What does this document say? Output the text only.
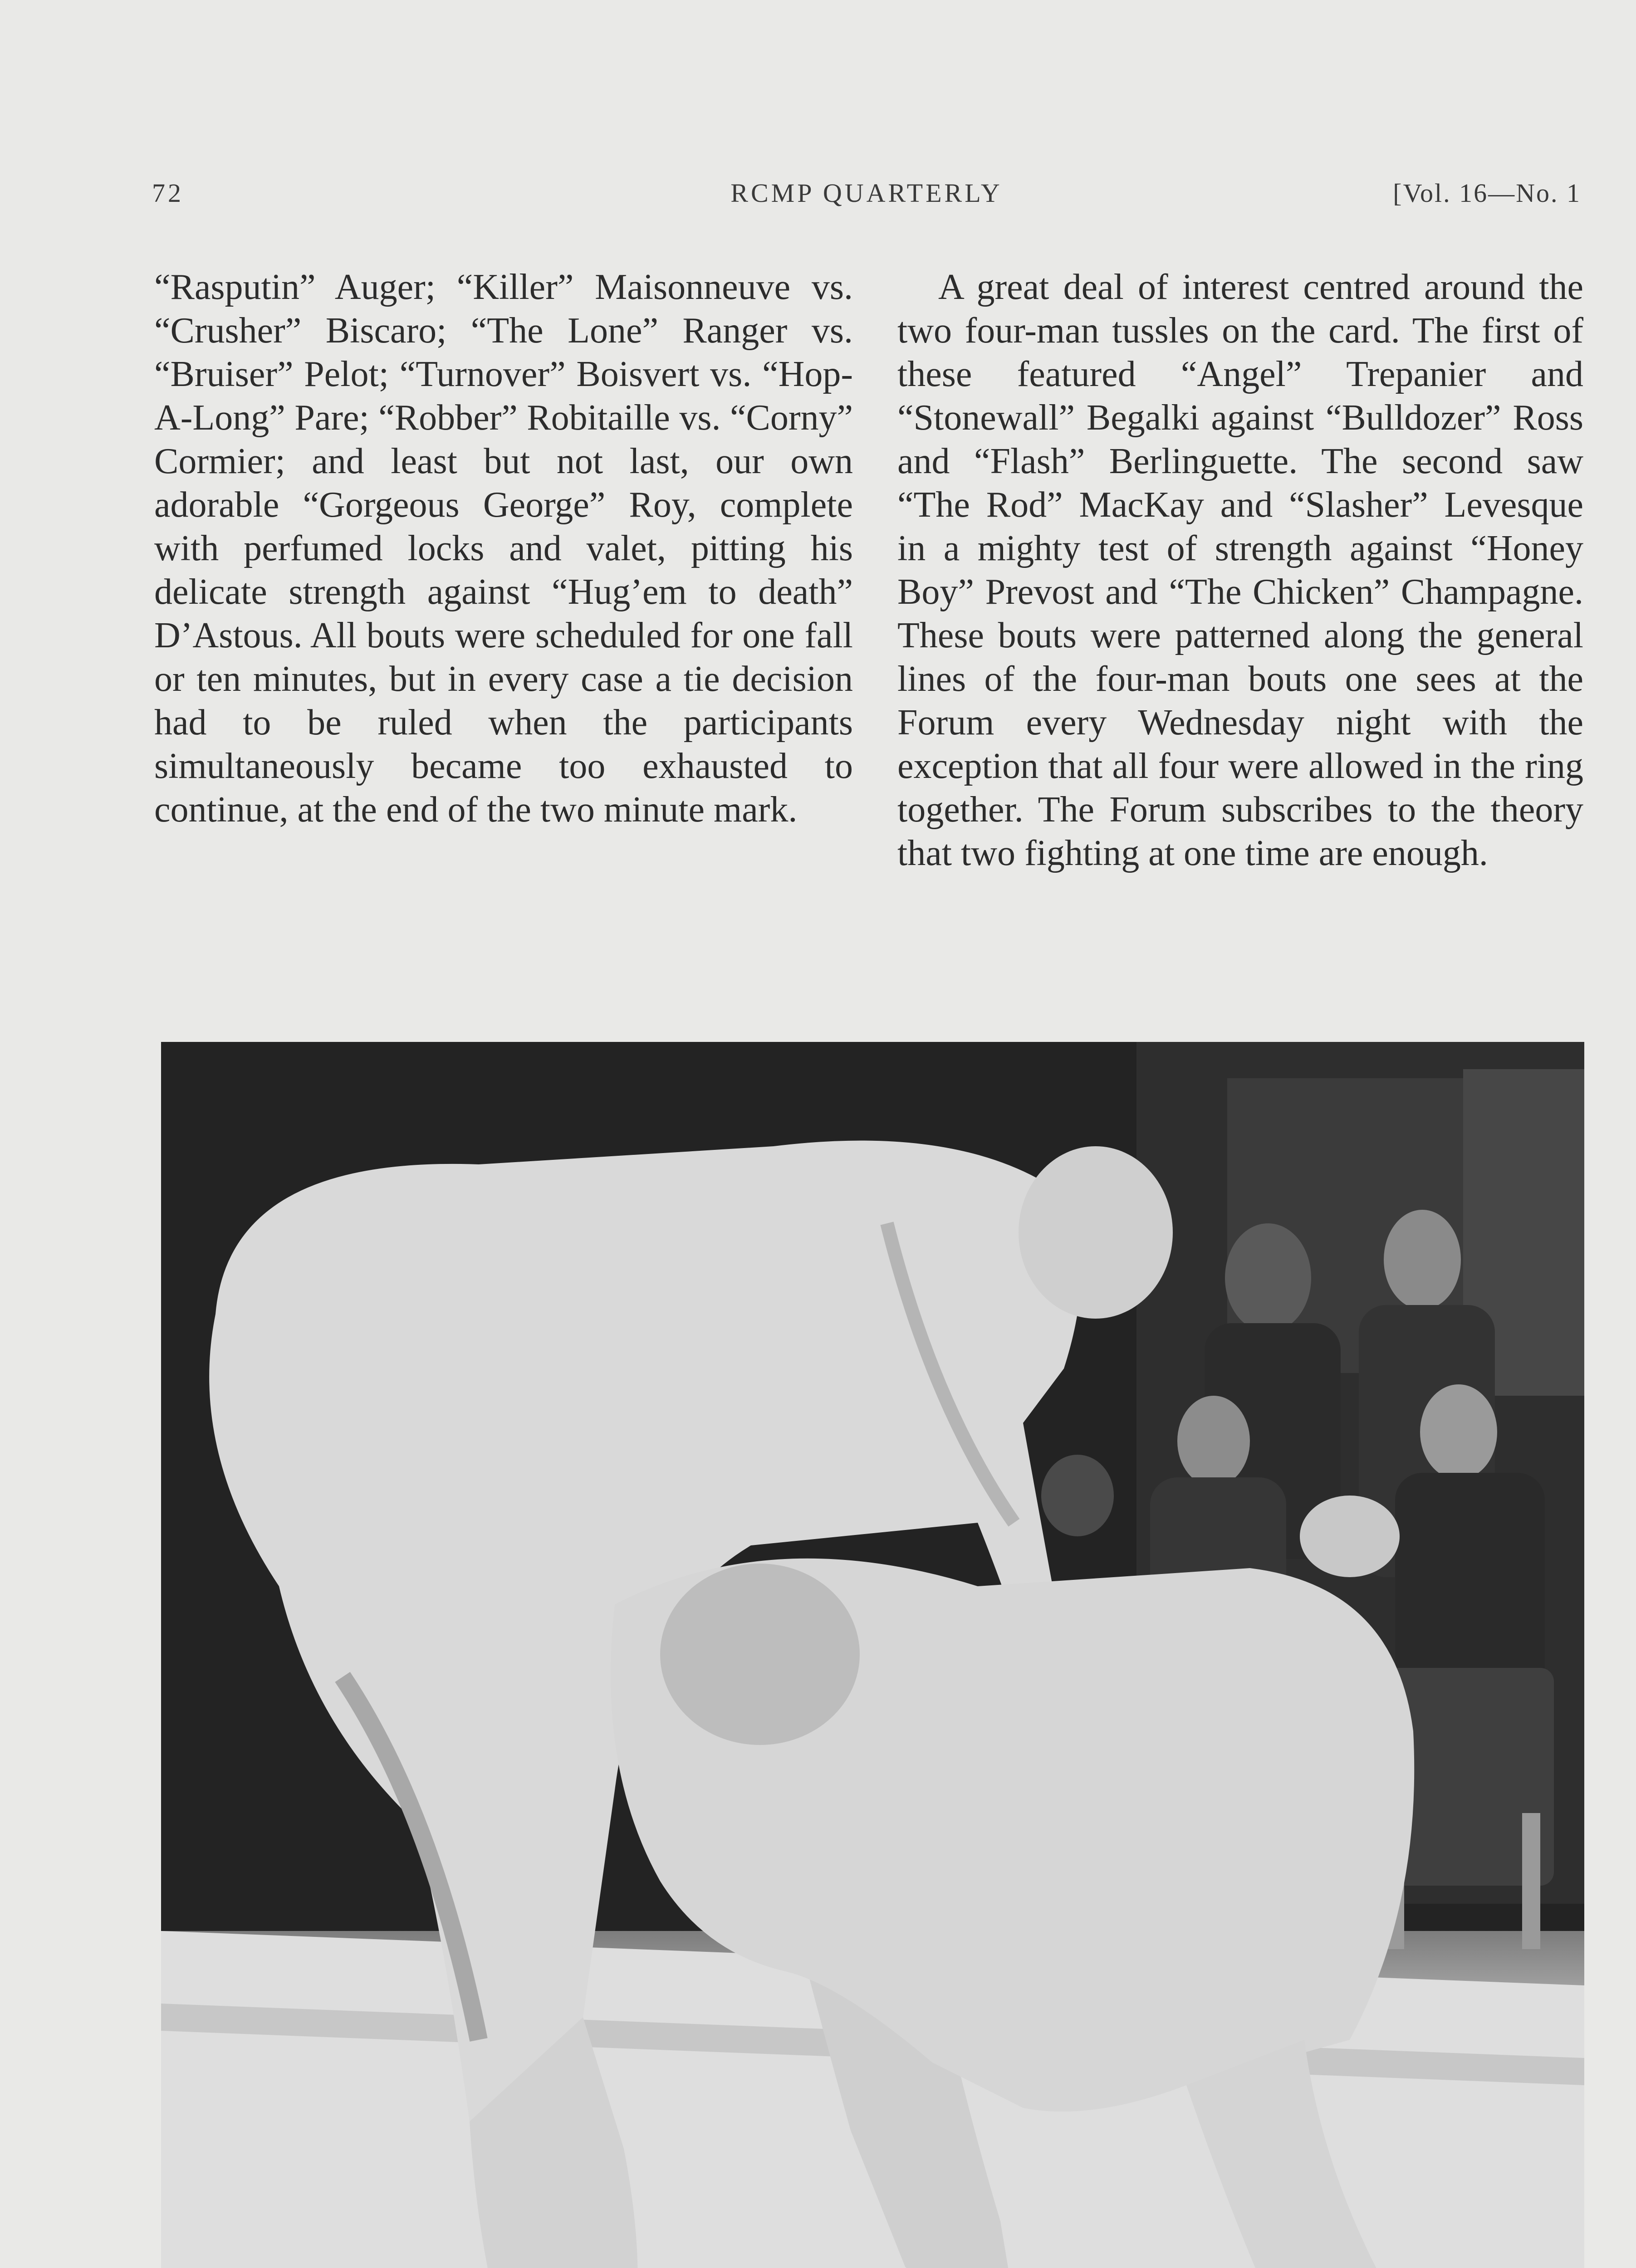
72	RCMP QUARTERLY	[Vol. 16—No. 1

“Rasputin” Auger; “Killer” Maisonneuve vs. “Crusher” Biscaro; “The Lone” Ranger vs. “Bruiser” Pelot; “Turnover” Boisvert vs. “Hop-A-Long” Pare; “Robber” Robitaille vs. “Corny” Cormier; and least but not last, our own adorable “Gorgeous George” Roy, complete with perfumed locks and valet, pitting his delicate strength against “Hug’em to death” D’Astous. All bouts were scheduled for one fall or ten minutes, but in every case a tie decision had to be ruled when the participants simultaneously became too exhausted to continue, at the end of the two minute mark.

A great deal of interest centred around the two four-man tussles on the card. The first of these featured “Angel” Trepanier and “Stonewall” Begalki against “Bulldozer” Ross and “Flash” Berlinguette. The second saw “The Rod” MacKay and “Slasher” Levesque in a mighty test of strength against “Honey Boy” Prevost and “The Chicken” Champagne. These bouts were patterned along the general lines of the four-man bouts one sees at the Forum every Wednesday night with the exception that all four were allowed in the ring together. The Forum subscribes to the theory that two fighting at one time are enough.
